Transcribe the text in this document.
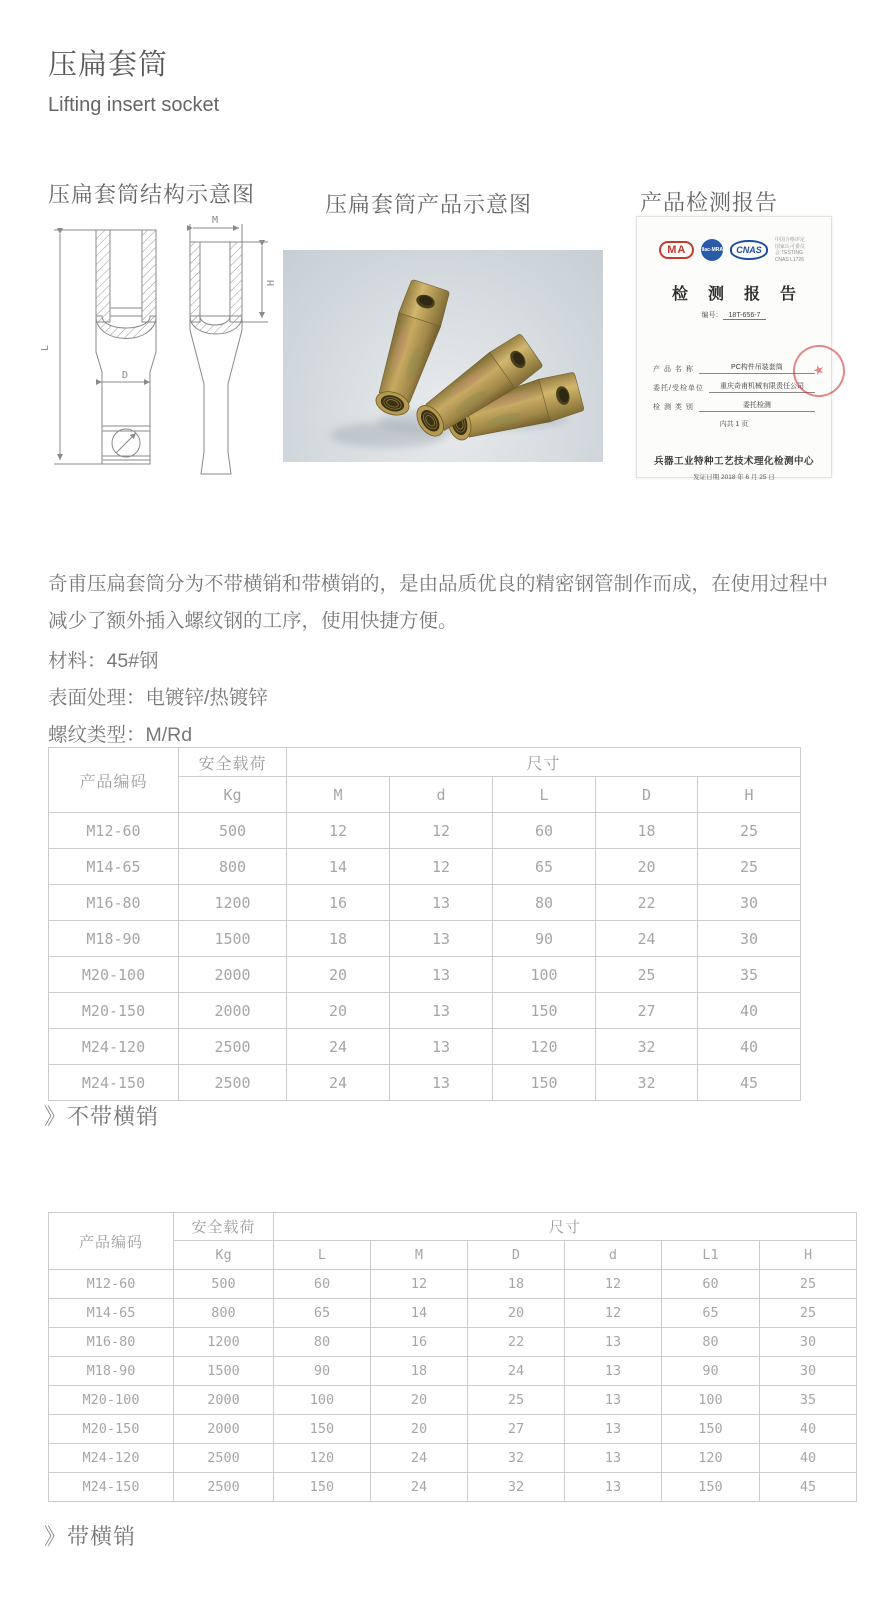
压扁套筒
Lifting insert socket
压扁套筒结构示意图	压扁套筒产品示意图	产品检测报告
M
H
L
D
MA	ilac-MRA	CNAS
中国合格评定 国家认可委员会 TESTING CNAS L1726
检 测 报 告
编号： 18T-656-7
产 品 名 称	PC构件吊装套筒
委托/受检单位	重庆奇甫机械有限责任公司
检 测 类 别	委托检测
内共 1 页
兵器工业特种工艺技术理化检测中心
发证日期 2018 年 6 月 25 日
★
奇甫压扁套筒分为不带横销和带横销的，是由品质优良的精密钢管制作而成，在使用过程中减少了额外插入螺纹钢的工序，使用快捷方便。
材料：45#钢
表面处理：电镀锌/热镀锌
螺纹类型：M/Rd
产品编码	安全载荷	尺寸				
	Kg	M	d	L	D	H
M12-60	500	12	12	60	18	25
M14-65	800	14	12	65	20	25
M16-80	1200	16	13	80	22	30
M18-90	1500	18	13	90	24	30
M20-100	2000	20	13	100	25	35
M20-150	2000	20	13	150	27	40
M24-120	2500	24	13	120	32	40
M24-150	2500	24	13	150	32	45
》不带横销
产品编码	安全载荷	尺寸					
	Kg	L	M	D	d	L1	H
M12-60	500	60	12	18	12	60	25
M14-65	800	65	14	20	12	65	25
M16-80	1200	80	16	22	13	80	30
M18-90	1500	90	18	24	13	90	30
M20-100	2000	100	20	25	13	100	35
M20-150	2000	150	20	27	13	150	40
M24-120	2500	120	24	32	13	120	40
M24-150	2500	150	24	32	13	150	45
》带横销
